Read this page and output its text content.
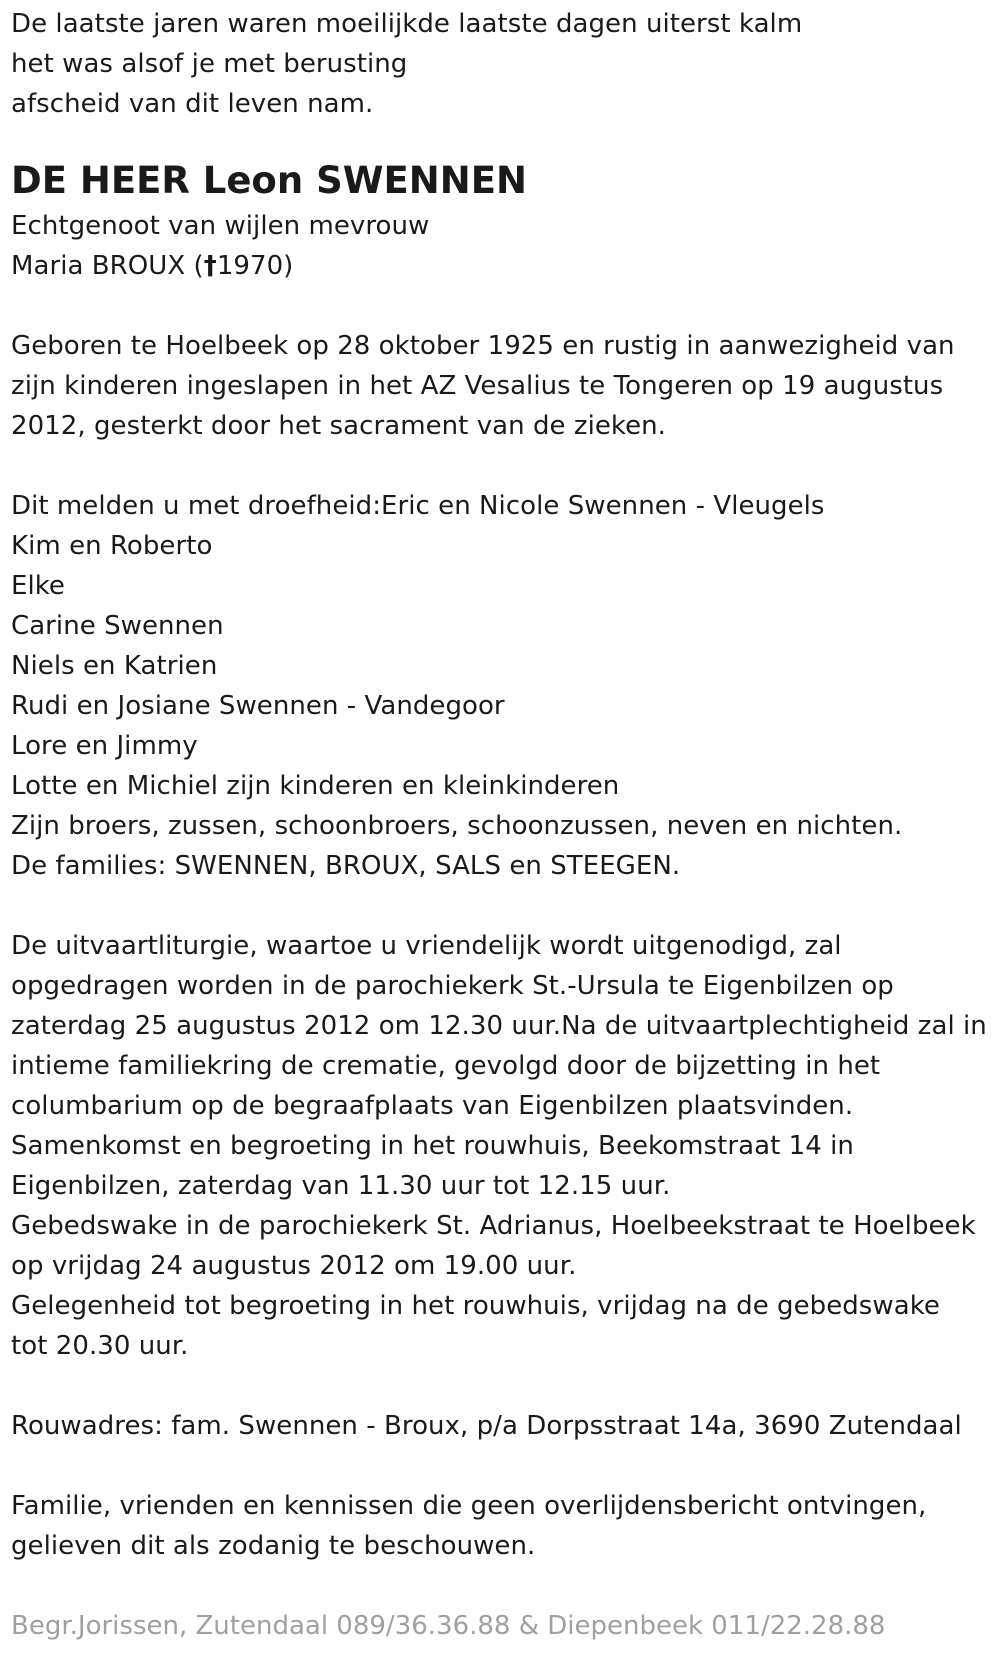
De laatste jaren waren moeilijkde laatste dagen uiterst kalm
het was alsof je met berusting
afscheid van dit leven nam.
DE HEER Leon SWENNEN
Echtgenoot van wijlen mevrouw
Maria BROUX (†1970)
Geboren te Hoelbeek op 28 oktober 1925 en rustig in aanwezigheid van
zijn kinderen ingeslapen in het AZ Vesalius te Tongeren op 19 augustus
2012, gesterkt door het sacrament van de zieken.
Dit melden u met droefheid:Eric en Nicole Swennen - Vleugels
Kim en Roberto
Elke
Carine Swennen
Niels en Katrien
Rudi en Josiane Swennen - Vandegoor
Lore en Jimmy
Lotte en Michiel zijn kinderen en kleinkinderen
Zijn broers, zussen, schoonbroers, schoonzussen, neven en nichten.
De families: SWENNEN, BROUX, SALS en STEEGEN.
De uitvaartliturgie, waartoe u vriendelijk wordt uitgenodigd, zal
opgedragen worden in de parochiekerk St.-Ursula te Eigenbilzen op
zaterdag 25 augustus 2012 om 12.30 uur.Na de uitvaartplechtigheid zal in
intieme familiekring de crematie, gevolgd door de bijzetting in het
columbarium op de begraafplaats van Eigenbilzen plaatsvinden.
Samenkomst en begroeting in het rouwhuis, Beekomstraat 14 in
Eigenbilzen, zaterdag van 11.30 uur tot 12.15 uur.
Gebedswake in de parochiekerk St. Adrianus, Hoelbeekstraat te Hoelbeek
op vrijdag 24 augustus 2012 om 19.00 uur.
Gelegenheid tot begroeting in het rouwhuis, vrijdag na de gebedswake
tot 20.30 uur.
Rouwadres: fam. Swennen - Broux, p/a Dorpsstraat 14a, 3690 Zutendaal
Familie, vrienden en kennissen die geen overlijdensbericht ontvingen,
gelieven dit als zodanig te beschouwen.
Begr.Jorissen, Zutendaal 089/36.36.88 & Diepenbeek 011/22.28.88
